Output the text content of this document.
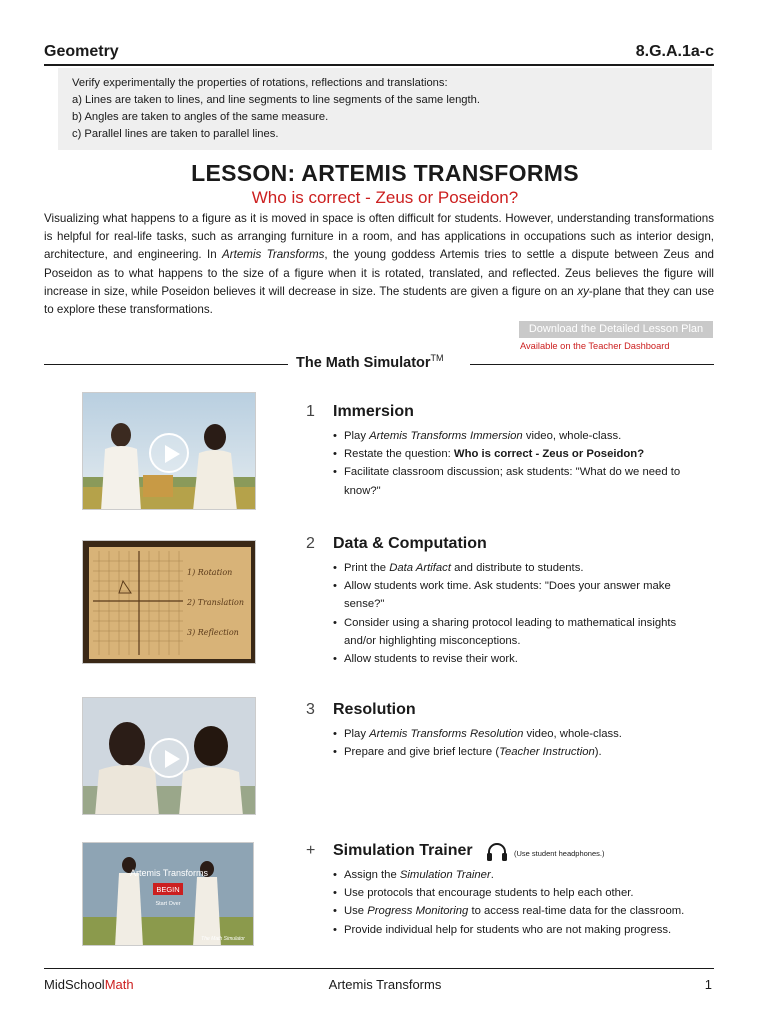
Geometry	8.G.A.1a-c
Verify experimentally the properties of rotations, reflections and translations:
a) Lines are taken to lines, and line segments to line segments of the same length.
b) Angles are taken to angles of the same measure.
c) Parallel lines are taken to parallel lines.
LESSON: ARTEMIS TRANSFORMS
Who is correct - Zeus or Poseidon?
Visualizing what happens to a figure as it is moved in space is often difficult for students. However, understanding transformations is helpful for real-life tasks, such as arranging furniture in a room, and has applications in occupations such as interior design, architecture, and engineering. In Artemis Transforms, the young goddess Artemis tries to settle a dispute between Zeus and Poseidon as to what happens to the size of a figure when it is rotated, translated, and reflected. Zeus believes the figure will increase in size, while Poseidon believes it will decrease in size. The students are given a figure on an xy-plane that they can use to explore these transformations.
Download the Detailed Lesson Plan
Available on the Teacher Dashboard
The Math Simulator™
1) Rotation
2) Translation
3) Reflection
Artemis Transforms
BEGIN
Start Over
The Math Simulator
1 Immersion
• Play Artemis Transforms Immersion video, whole-class.
• Restate the question: Who is correct - Zeus or Poseidon?
• Facilitate classroom discussion; ask students: "What do we need to know?"
2 Data & Computation
• Print the Data Artifact and distribute to students.
• Allow students work time. Ask students: "Does your answer make sense?"
• Consider using a sharing protocol leading to mathematical insights and/or highlighting misconceptions.
• Allow students to revise their work.
3 Resolution
• Play Artemis Transforms Resolution video, whole-class.
• Prepare and give brief lecture (Teacher Instruction).
+ Simulation Trainer	(Use student headphones.)
• Assign the Simulation Trainer.
• Use protocols that encourage students to help each other.
• Use Progress Monitoring to access real-time data for the classroom.
• Provide individual help for students who are not making progress.
MidSchoolMath	Artemis Transforms	1
